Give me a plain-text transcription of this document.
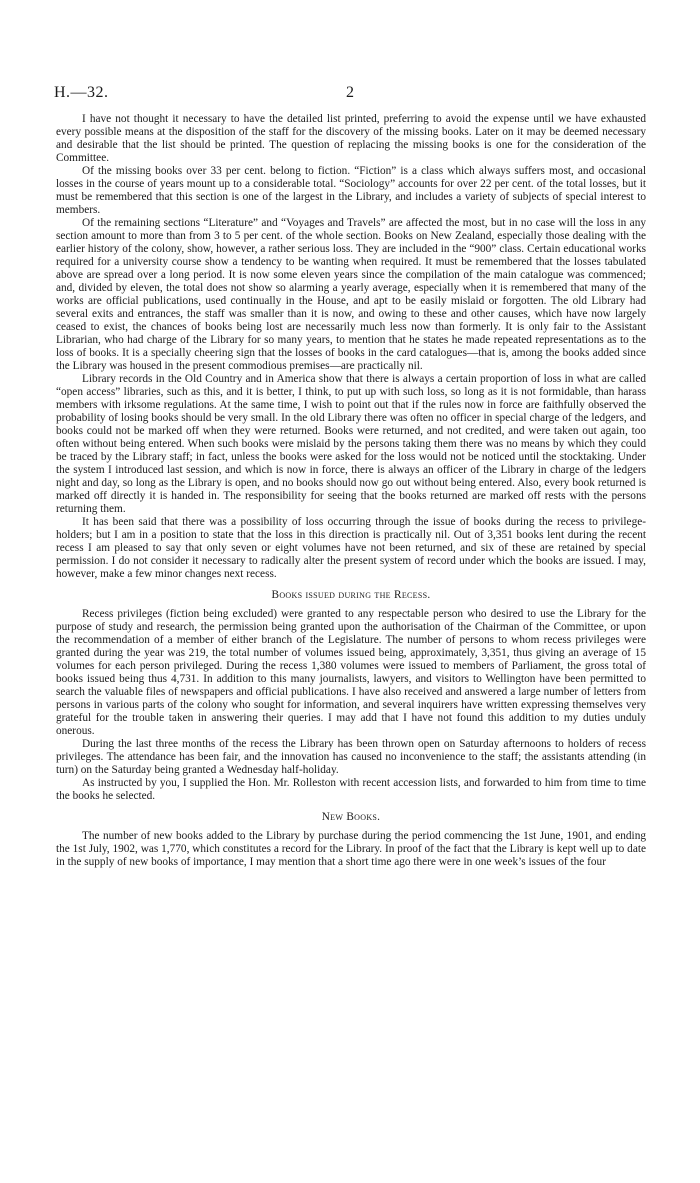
H.—32.	2

I have not thought it necessary to have the detailed list printed, preferring to avoid the expense until we have exhausted every possible means at the disposition of the staff for the discovery of the missing books. Later on it may be deemed necessary and desirable that the list should be printed. The question of replacing the missing books is one for the consideration of the Committee.

Of the missing books over 33 per cent. belong to fiction. “Fiction” is a class which always suffers most, and occasional losses in the course of years mount up to a considerable total. “Sociology” accounts for over 22 per cent. of the total losses, but it must be remembered that this section is one of the largest in the Library, and includes a variety of subjects of special interest to members.

Of the remaining sections “Literature” and “Voyages and Travels” are affected the most, but in no case will the loss in any section amount to more than from 3 to 5 per cent. of the whole section. Books on New Zealand, especially those dealing with the earlier history of the colony, show, however, a rather serious loss. They are included in the “900” class. Certain educational works required for a university course show a tendency to be wanting when required. It must be remembered that the losses tabulated above are spread over a long period. It is now some eleven years since the compilation of the main catalogue was commenced; and, divided by eleven, the total does not show so alarming a yearly average, especially when it is remembered that many of the works are official publications, used continually in the House, and apt to be easily mislaid or forgotten. The old Library had several exits and entrances, the staff was smaller than it is now, and owing to these and other causes, which have now largely ceased to exist, the chances of books being lost are necessarily much less now than formerly. It is only fair to the Assistant Librarian, who had charge of the Library for so many years, to mention that he states he made repeated representations as to the loss of books. It is a specially cheering sign that the losses of books in the card catalogues—that is, among the books added since the Library was housed in the present commodious premises—are practically nil.

Library records in the Old Country and in America show that there is always a certain proportion of loss in what are called “open access” libraries, such as this, and it is better, I think, to put up with such loss, so long as it is not formidable, than harass members with irksome regulations. At the same time, I wish to point out that if the rules now in force are faithfully observed the probability of losing books should be very small. In the old Library there was often no officer in special charge of the ledgers, and books could not be marked off when they were returned. Books were returned, and not credited, and were taken out again, too often without being entered. When such books were mislaid by the persons taking them there was no means by which they could be traced by the Library staff; in fact, unless the books were asked for the loss would not be noticed until the stocktaking. Under the system I introduced last session, and which is now in force, there is always an officer of the Library in charge of the ledgers night and day, so long as the Library is open, and no books should now go out without being entered. Also, every book returned is marked off directly it is handed in. The responsibility for seeing that the books returned are marked off rests with the persons returning them.

It has been said that there was a possibility of loss occurring through the issue of books during the recess to privilege-holders; but I am in a position to state that the loss in this direction is practically nil. Out of 3,351 books lent during the recent recess I am pleased to say that only seven or eight volumes have not been returned, and six of these are retained by special permission. I do not consider it necessary to radically alter the present system of record under which the books are issued. I may, however, make a few minor changes next recess.

Books issued during the Recess.

Recess privileges (fiction being excluded) were granted to any respectable person who desired to use the Library for the purpose of study and research, the permission being granted upon the authorisation of the Chairman of the Committee, or upon the recommendation of a member of either branch of the Legislature. The number of persons to whom recess privileges were granted during the year was 219, the total number of volumes issued being, approximately, 3,351, thus giving an average of 15 volumes for each person privileged. During the recess 1,380 volumes were issued to members of Parliament, the gross total of books issued being thus 4,731. In addition to this many journalists, lawyers, and visitors to Wellington have been permitted to search the valuable files of newspapers and official publications. I have also received and answered a large number of letters from persons in various parts of the colony who sought for information, and several inquirers have written expressing themselves very grateful for the trouble taken in answering their queries. I may add that I have not found this addition to my duties unduly onerous.

During the last three months of the recess the Library has been thrown open on Saturday afternoons to holders of recess privileges. The attendance has been fair, and the innovation has caused no inconvenience to the staff; the assistants attending (in turn) on the Saturday being granted a Wednesday half-holiday.

As instructed by you, I supplied the Hon. Mr. Rolleston with recent accession lists, and forwarded to him from time to time the books he selected.

New Books.

The number of new books added to the Library by purchase during the period commencing the 1st June, 1901, and ending the 1st July, 1902, was 1,770, which constitutes a record for the Library. In proof of the fact that the Library is kept well up to date in the supply of new books of importance, I may mention that a short time ago there were in one week’s issues of the four
